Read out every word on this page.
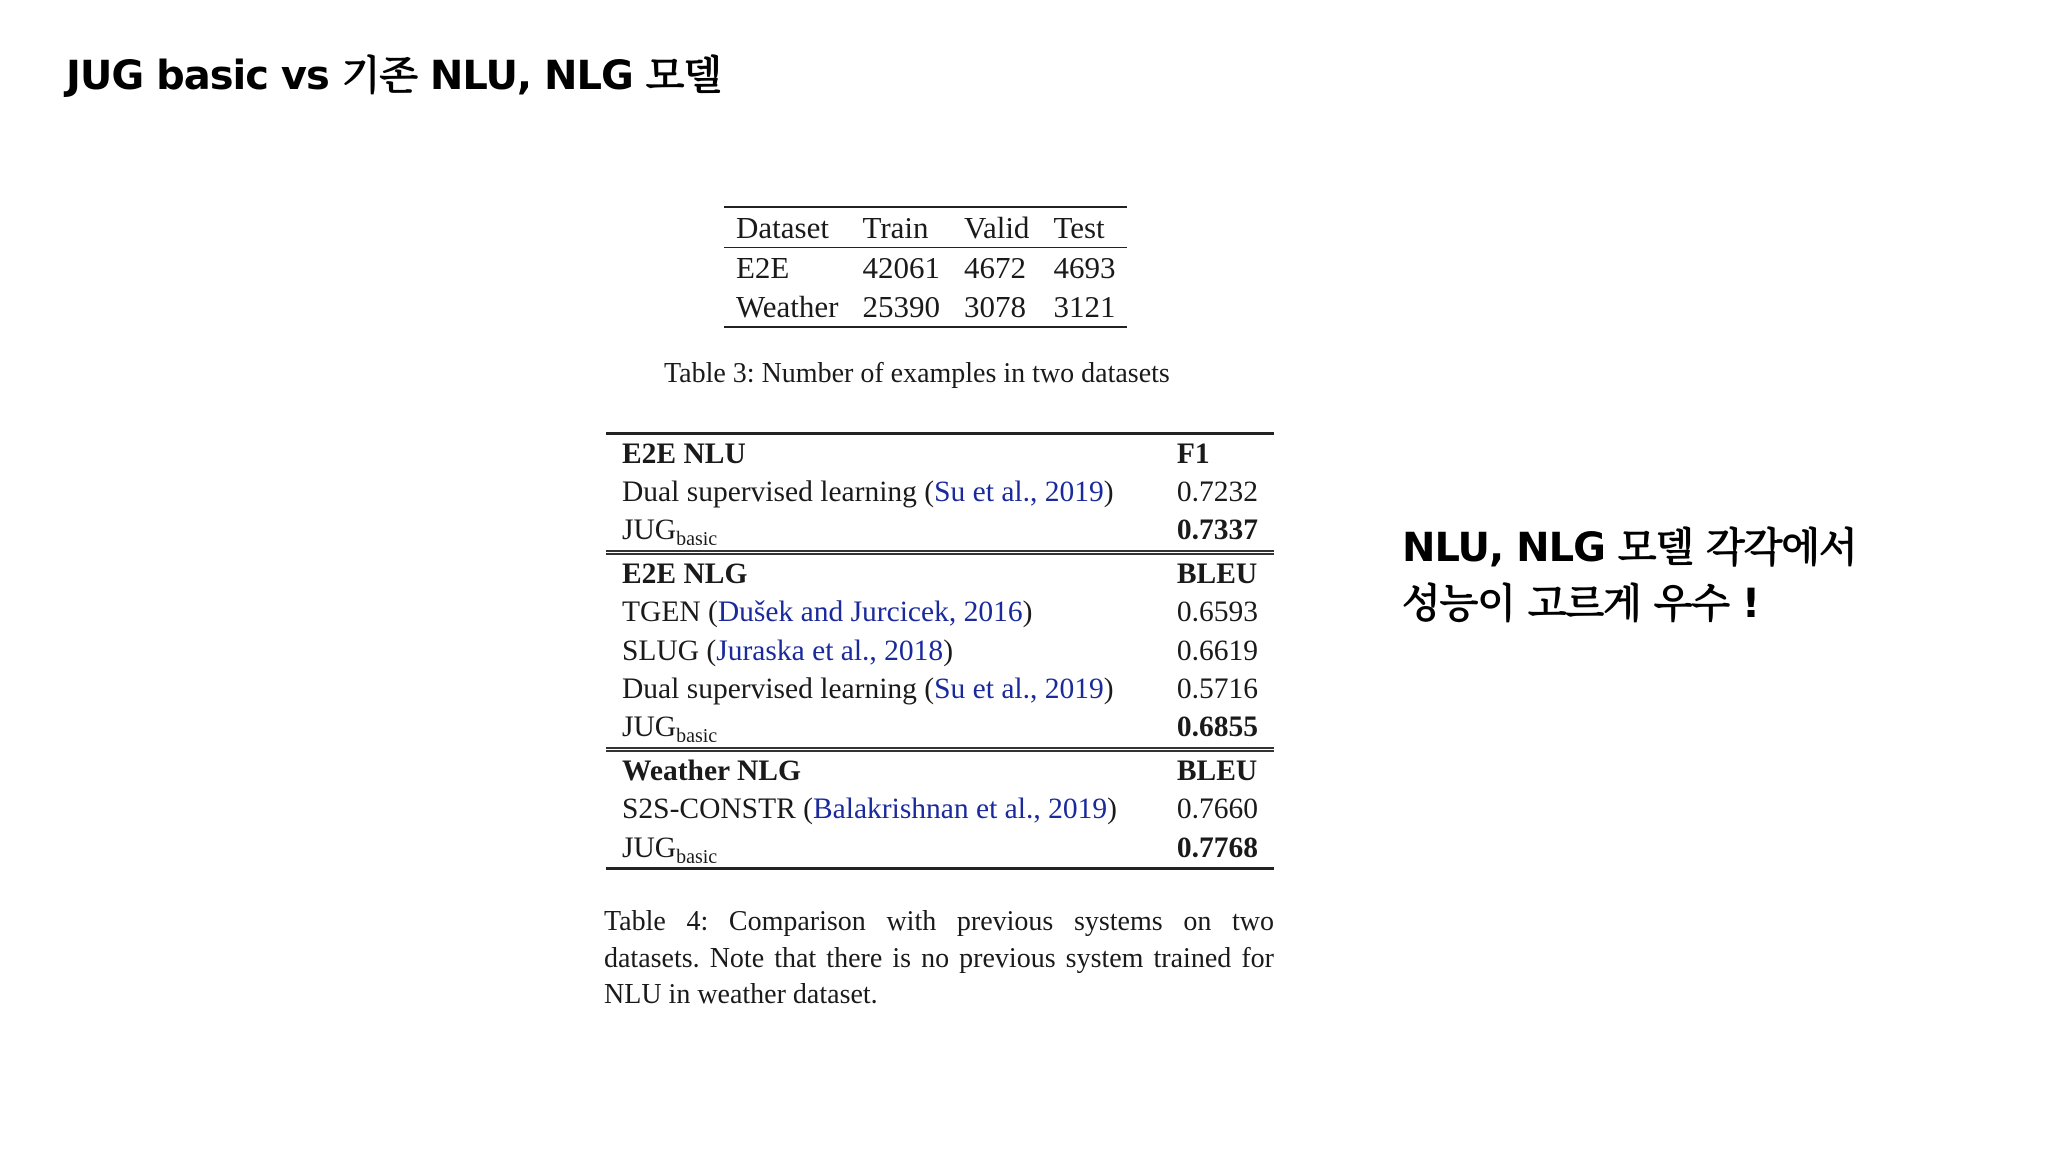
JUG basic vs 기존 NLU, NLG 모델
Dataset	Train	Valid	Test
E2E	42061	4672	4693
Weather	25390	3078	3121
Table 3: Number of examples in two datasets
E2E NLU	F1
Dual supervised learning (Su et al., 2019)	0.7232
$JUG_{basic}$	0.7337
E2E NLG	BLEU
TGEN (Dušek and Jurcicek, 2016)	0.6593
SLUG (Juraska et al., 2018)	0.6619
Dual supervised learning (Su et al., 2019)	0.5716
$JUG_{basic}$	0.6855
Weather NLG	BLEU
S2S-CONSTR (Balakrishnan et al., 2019)	0.7660
$JUG_{basic}$	0.7768
Table 4: Comparison with previous systems on two datasets. Note that there is no previous system trained for NLU in weather dataset.
NLU, NLG 모델 각각에서
성능이 고르게 우수 !
